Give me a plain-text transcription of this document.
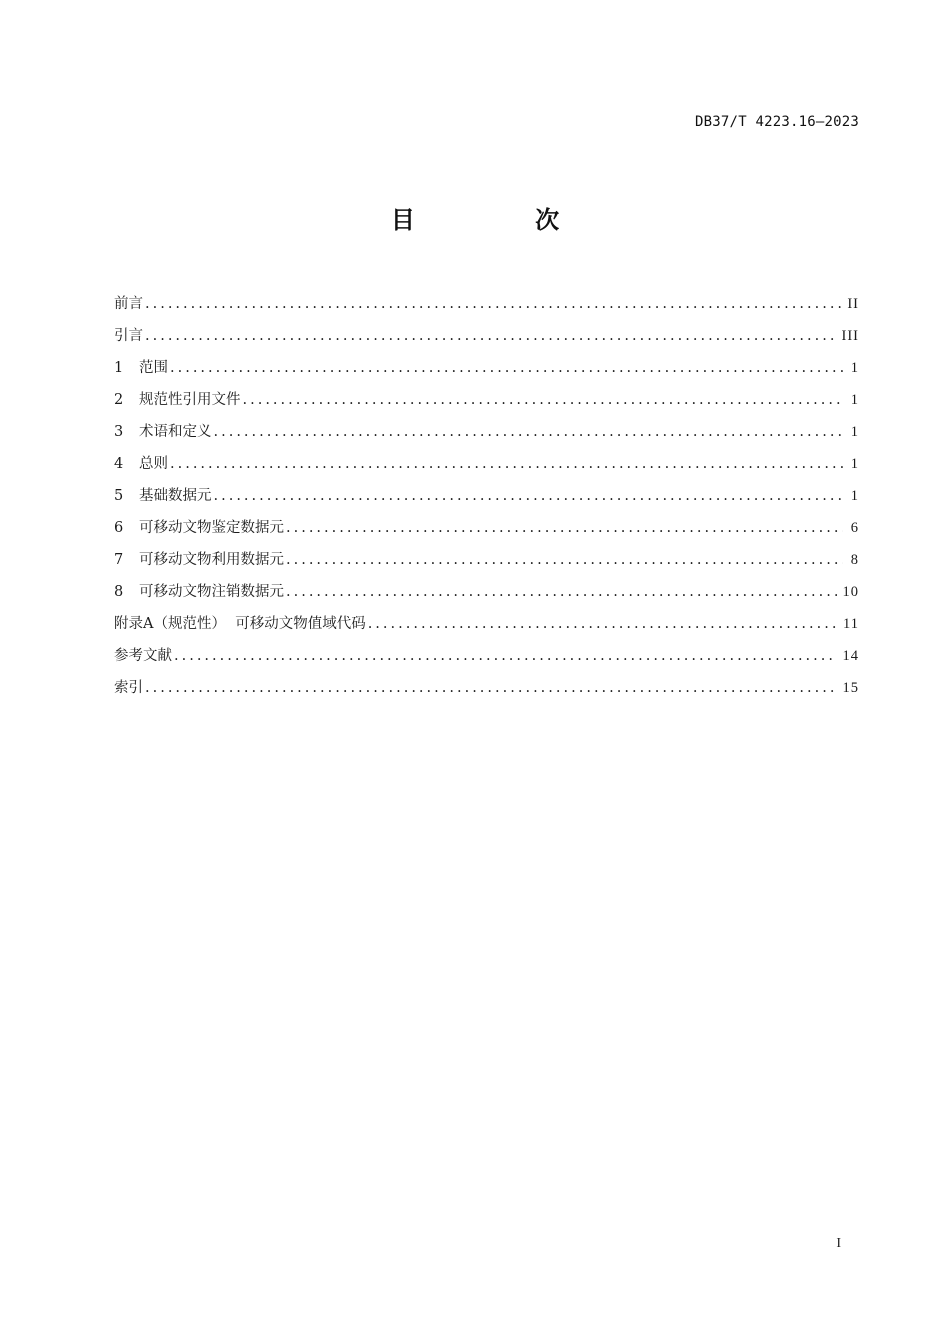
DB37/T 4223.16—2023
目 次
前言 .....	II
引言 .....	III
1	范围 .....	1
2	规范性引用文件 .....	1
3	术语和定义 .....	1
4	总则 .....	1
5	基础数据元 .....	1
6	可移动文物鉴定数据元 .....	6
7	可移动文物利用数据元 .....	8
8	可移动文物注销数据元 .....	10
附录A（规范性）  可移动文物值域代码 .....	11
参考文献 .....	14
索引 .....	15
I
